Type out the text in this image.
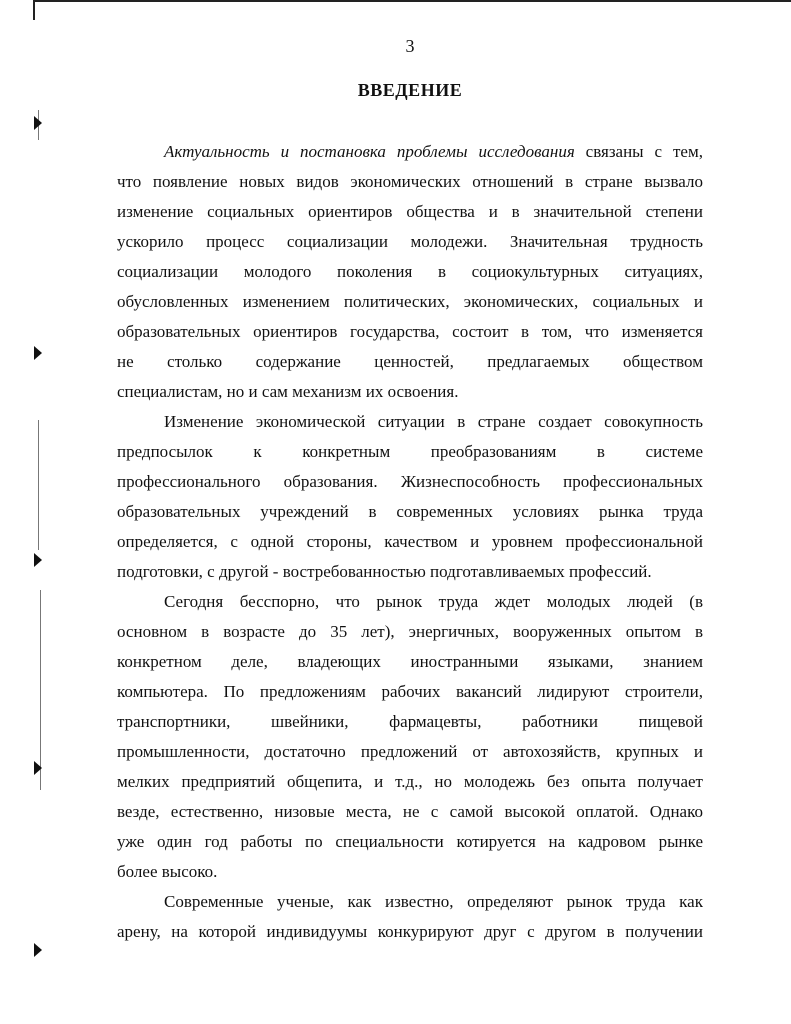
3
ВВЕДЕНИЕ
Актуальность и постановка проблемы исследования связаны с тем,
что появление новых видов экономических отношений в стране вызвало
изменение социальных ориентиров общества и в значительной степени
ускорило процесс социализации молодежи. Значительная трудность
социализации молодого поколения в социокультурных ситуациях,
обусловленных изменением политических, экономических, социальных и
образовательных ориентиров государства, состоит в том, что изменяется
не столько содержание ценностей, предлагаемых обществом
специалистам, но и сам механизм их освоения.
Изменение экономической ситуации в стране создает совокупность
предпосылок к конкретным преобразованиям в системе
профессионального образования. Жизнеспособность профессиональных
образовательных учреждений в современных условиях рынка труда
определяется, с одной стороны, качеством и уровнем профессиональной
подготовки, с другой - востребованностью подготавливаемых профессий.
Сегодня бесспорно, что рынок труда ждет молодых людей (в
основном в возрасте до 35 лет), энергичных, вооруженных опытом в
конкретном деле, владеющих иностранными языками, знанием
компьютера. По предложениям рабочих вакансий лидируют строители,
транспортники, швейники, фармацевты, работники пищевой
промышленности, достаточно предложений от автохозяйств, крупных и
мелких предприятий общепита, и т.д., но молодежь без опыта получает
везде, естественно, низовые места, не с самой высокой оплатой. Однако
уже один год работы по специальности котируется на кадровом рынке
более высоко.
Современные ученые, как известно, определяют рынок труда как
арену, на которой индивидуумы конкурируют друг с другом в получении
